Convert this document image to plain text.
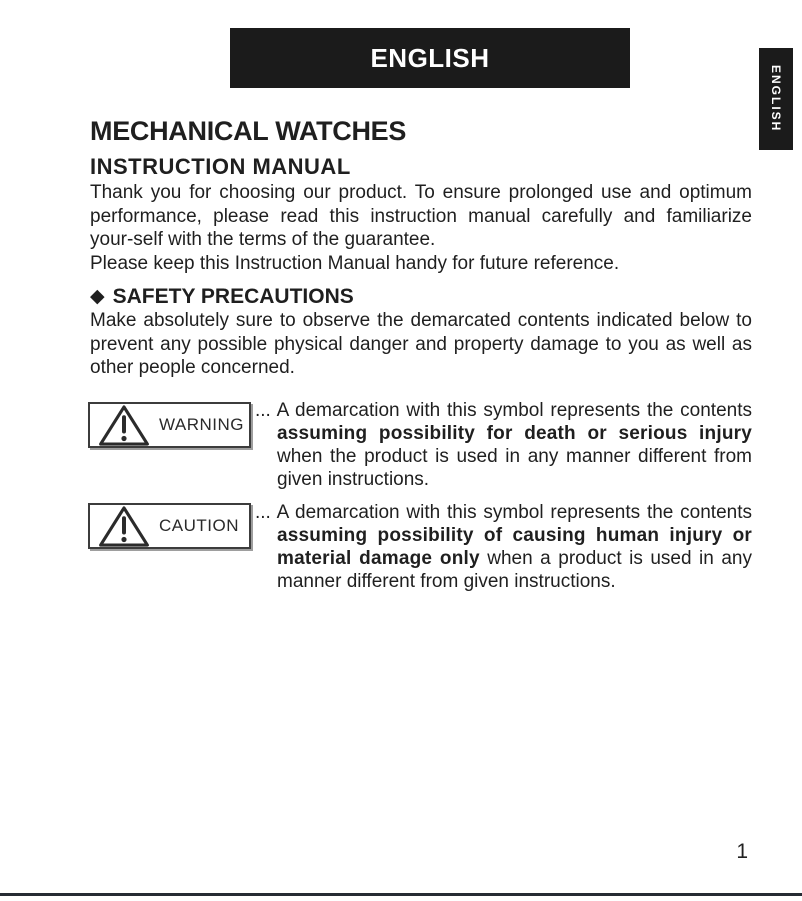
ENGLISH
ENGLISH
MECHANICAL WATCHES
INSTRUCTION MANUAL
Thank you for choosing our product. To ensure prolonged use and optimum
performance, please read this instruction manual carefully and familiarize
your-self with the terms of the guarantee.
Please keep this Instruction Manual handy for future reference.
◆ SAFETY PRECAUTIONS
Make absolutely sure to observe the demarcated contents indicated below to
prevent any possible physical danger and property damage to you as well as
other people concerned.
WARNING
... A demarcation with this symbol represents the contents
assuming possibility for death or serious injury
when the product is used in any manner different from
given instructions.
CAUTION
... A demarcation with this symbol represents the contents
assuming possibility of causing human injury or
material damage only when a product is used in any
manner different from given instructions.
1
